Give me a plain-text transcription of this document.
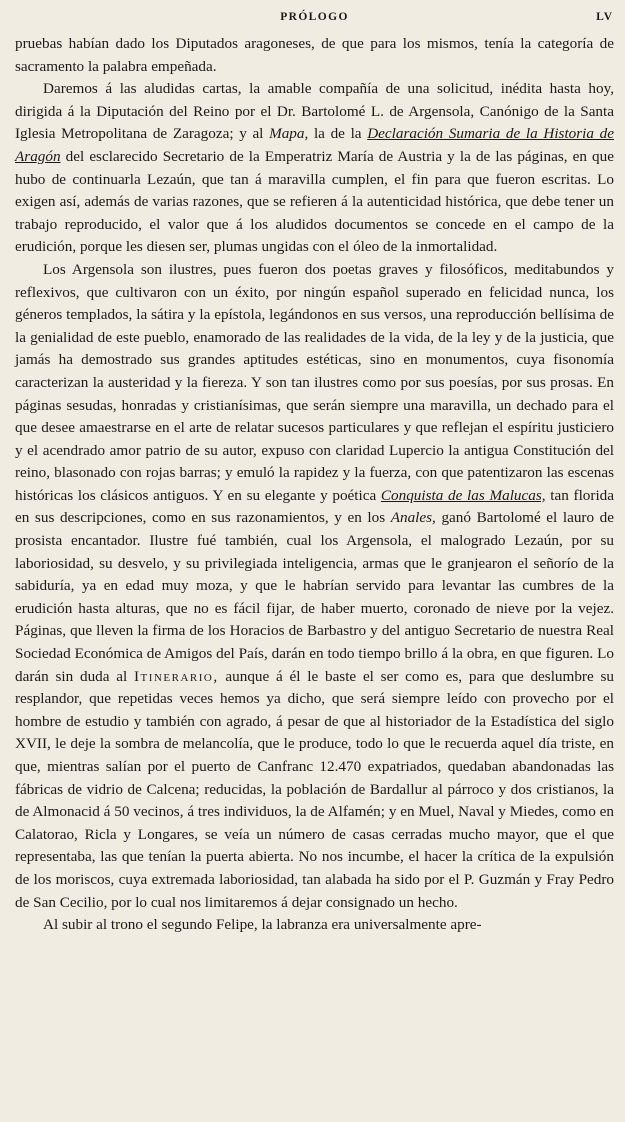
PRÓLOGO	LV

pruebas habían dado los Diputados aragoneses, de que para los mismos, tenía la categoría de sacramento la palabra empeñada.

Daremos á las aludidas cartas, la amable compañía de una solicitud, inédita hasta hoy, dirigida á la Diputación del Reino por el Dr. Bartolomé L. de Argensola, Canónigo de la Santa Iglesia Metropolitana de Zaragoza; y al Mapa, la de la Declaración Sumaria de la Historia de Aragón del esclarecido Secretario de la Emperatriz María de Austria y la de las páginas, en que hubo de continuarla Lezaún, que tan á maravilla cumplen, el fin para que fueron escritas. Lo exigen así, además de varias razones, que se refieren á la autenticidad histórica, que debe tener un trabajo reproducido, el valor que á los aludidos documentos se concede en el campo de la erudición, porque les diesen ser, plumas ungidas con el óleo de la inmortalidad.

Los Argensola son ilustres, pues fueron dos poetas graves y filosóficos, meditabundos y reflexivos, que cultivaron con un éxito, por ningún español superado en felicidad nunca, los géneros templados, la sátira y la epístola, legándonos en sus versos, una reproducción bellísima de la genialidad de este pueblo, enamorado de las realidades de la vida, de la ley y de la justicia, que jamás ha demostrado sus grandes aptitudes estéticas, sino en monumentos, cuya fisonomía caracterizan la austeridad y la fiereza. Y son tan ilustres como por sus poesías, por sus prosas. En páginas sesudas, honradas y cristianísimas, que serán siempre una maravilla, un dechado para el que desee amaestrarse en el arte de relatar sucesos particulares y que reflejan el espíritu justiciero y el acendrado amor patrio de su autor, expuso con claridad Lupercio la antigua Constitución del reino, blasonado con rojas barras; y emuló la rapidez y la fuerza, con que patentizaron las escenas históricas los clásicos antiguos. Y en su elegante y poética Conquista de las Malucas, tan florida en sus descripciones, como en sus razonamientos, y en los Anales, ganó Bartolomé el lauro de prosista encantador. Ilustre fué también, cual los Argensola, el malogrado Lezaún, por su laboriosidad, su desvelo, y su privilegiada inteligencia, armas que le granjearon el señorío de la sabiduría, ya en edad muy moza, y que le habrían servido para levantar las cumbres de la erudición hasta alturas, que no es fácil fijar, de haber muerto, coronado de nieve por la vejez. Páginas, que lleven la firma de los Horacios de Barbastro y del antiguo Secretario de nuestra Real Sociedad Económica de Amigos del País, darán en todo tiempo brillo á la obra, en que figuren. Lo darán sin duda al Itinerario, aunque á él le baste el ser como es, para que deslumbre su resplandor, que repetidas veces hemos ya dicho, que será siempre leído con provecho por el hombre de estudio y también con agrado, á pesar de que al historiador de la Estadística del siglo XVII, le deje la sombra de melancolía, que le produce, todo lo que le recuerda aquel día triste, en que, mientras salían por el puerto de Canfranc 12.470 expatriados, quedaban abandonadas las fábricas de vidrio de Calcena; reducidas, la población de Bardallur al párroco y dos cristianos, la de Almonacid á 50 vecinos, á tres individuos, la de Alfamén; y en Muel, Naval y Miedes, como en Calatorao, Ricla y Longares, se veía un número de casas cerradas mucho mayor, que el que representaba, las que tenían la puerta abierta. No nos incumbe, el hacer la crítica de la expulsión de los moriscos, cuya extremada laboriosidad, tan alabada ha sido por el P. Guzmán y Fray Pedro de San Cecilio, por lo cual nos limitaremos á dejar consignado un hecho.

Al subir al trono el segundo Felipe, la labranza era universalmente apre-
